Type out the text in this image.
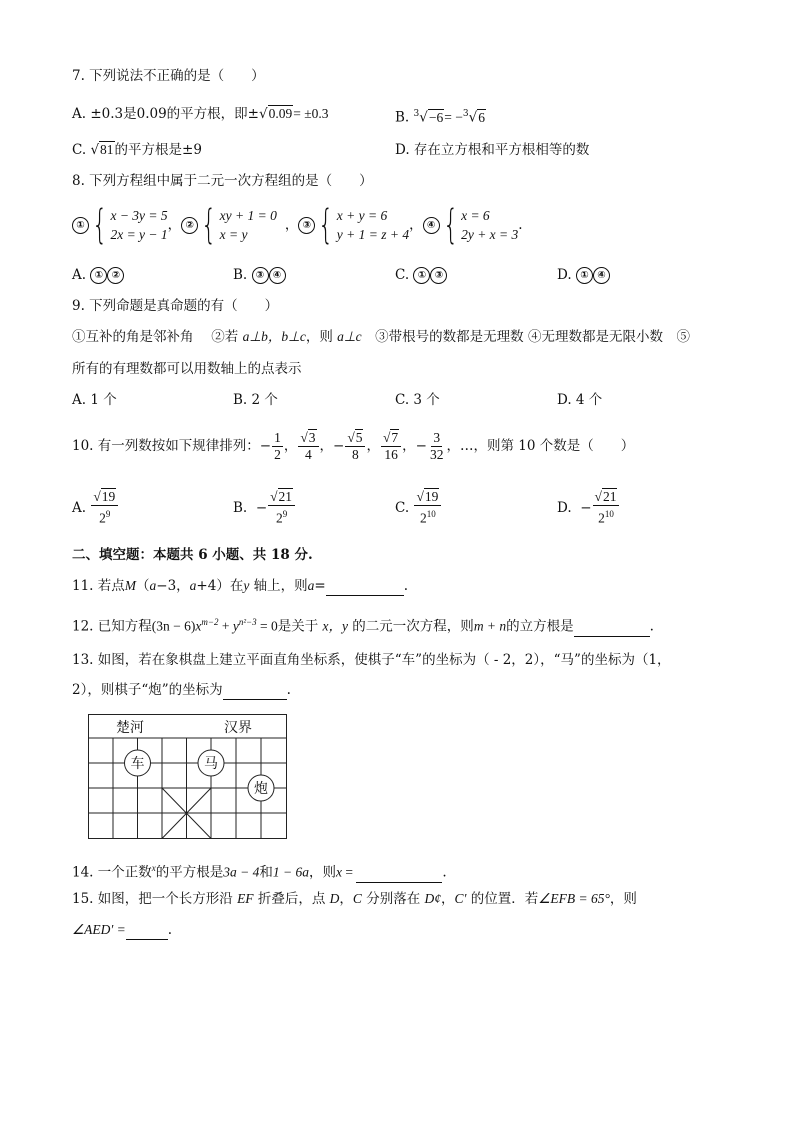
7. 下列说法不正确的是（　　）
A. ±0.3是0.09的平方根，即±√0.09= ±0.3	B. $^3$√−6= −$^3$√6
C. √81的平方根是±9	D. 存在立方根和平方根相等的数
8. 下列方程组中属于二元一次方程组的是（　　）
① { x − 3y = 5
2x = y − 1
， ② { xy + 1 = 0
x = y
， ③ { x + y = 6
y + 1 = z + 4
， ④ { x = 6
2y + x = 3
.
A. ① ②	B. ③ ④	C. ① ③	D. ① ④
9. 下列命题是真命题的有（　　）
①互补的角是邻补角　 ②若 a⊥b，b⊥c，则 a⊥c　③带根号的数都是无理数 ④无理数都是无限小数　⑤
所有的有理数都可以用数轴上的点表示
A. 1 个	B. 2 个	C. 3 个	D. 4 个
10. 有一列数按如下规律排列： − $\frac{1}{2}$ ，
√3
4 ， − $\frac{√5}{8}$ ，
√7
16 ， − $\frac{3}{32}$ ，…，则第 10 个数是（　　）
A.

√19
$2^9$	B.
− $\frac{√21}{2^9}$	C.

√19
$2^{10}$	D.
− $\frac{√21}{2^{10}}$
二、填空题：本题共 6 小题、共 18 分.
11. 若点M（a−3，a+4）在y 轴上，则a=	.
12. 已知方程$(3n - 6)x^{m-2} + y^{n^2-3} = 0$是关于 x，y 的二元一次方程，则m + n的立方根是	.
13. 如图，若在象棋盘上建立平面直角坐标系，使棋子“车”的坐标为（ - 2，2），“马”的坐标为（1，
2），则棋子“炮”的坐标为	.
楚河	汉界
车	马
炮
14. 一个正数$^x$的平方根是3a − 4和1 − 6a，则x =	.
15. 如图，把一个长方形沿 EF 折叠后，点 D，C 分别落在 D¢，C′ 的位置．若∠EFB = 65°，则
∠AED′ =	.
